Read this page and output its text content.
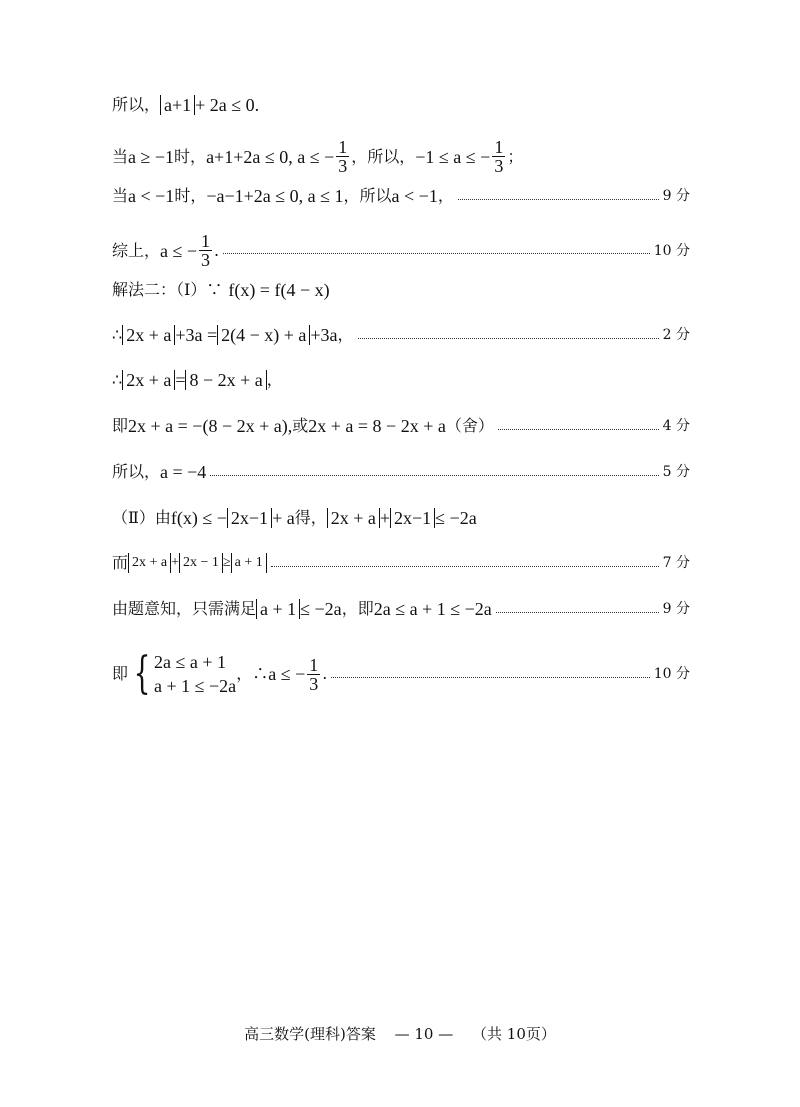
所以， a+1 + 2a ≤ 0.
当 a ≥ −1 时， a+1+2a ≤ 0, a ≤ − $\frac{1}{3}$ ，所以， −1 ≤ a ≤ − $\frac{1}{3}$ ；
当 a < −1 时， −a−1+2a ≤ 0, a ≤ 1 ，所以 a < −1 ，	9 分
综上， a ≤ − $\frac{1}{3}$ .	10 分
解法二：（Ⅰ）∵ f(x) = f(4 − x)
∴ 2x + a +3a = 2(4 − x) + a +3a ，	2 分
∴ 2x + a = 8 − 2x + a ，
即 2x + a = −(8 − 2x + a), 或 2x + a = 8 − 2x + a （舍）	4 分
所以， a = −4	5 分
（Ⅱ）由 f(x) ≤ − 2x−1 + a 得， 2x + a + 2x−1 ≤ −2a
而 2x + a + 2x − 1 ≥ a + 1	7 分
由题意知，只需满足 a + 1 ≤ −2a ，即 2a ≤ a + 1 ≤ −2a	9 分
即 { 2a ≤ a + 1
a + 1 ≤ −2a
，∴ a ≤ − $\frac{1}{3}$ .	10 分
高三数学(理科)答案 — 10 — （共 10页）
